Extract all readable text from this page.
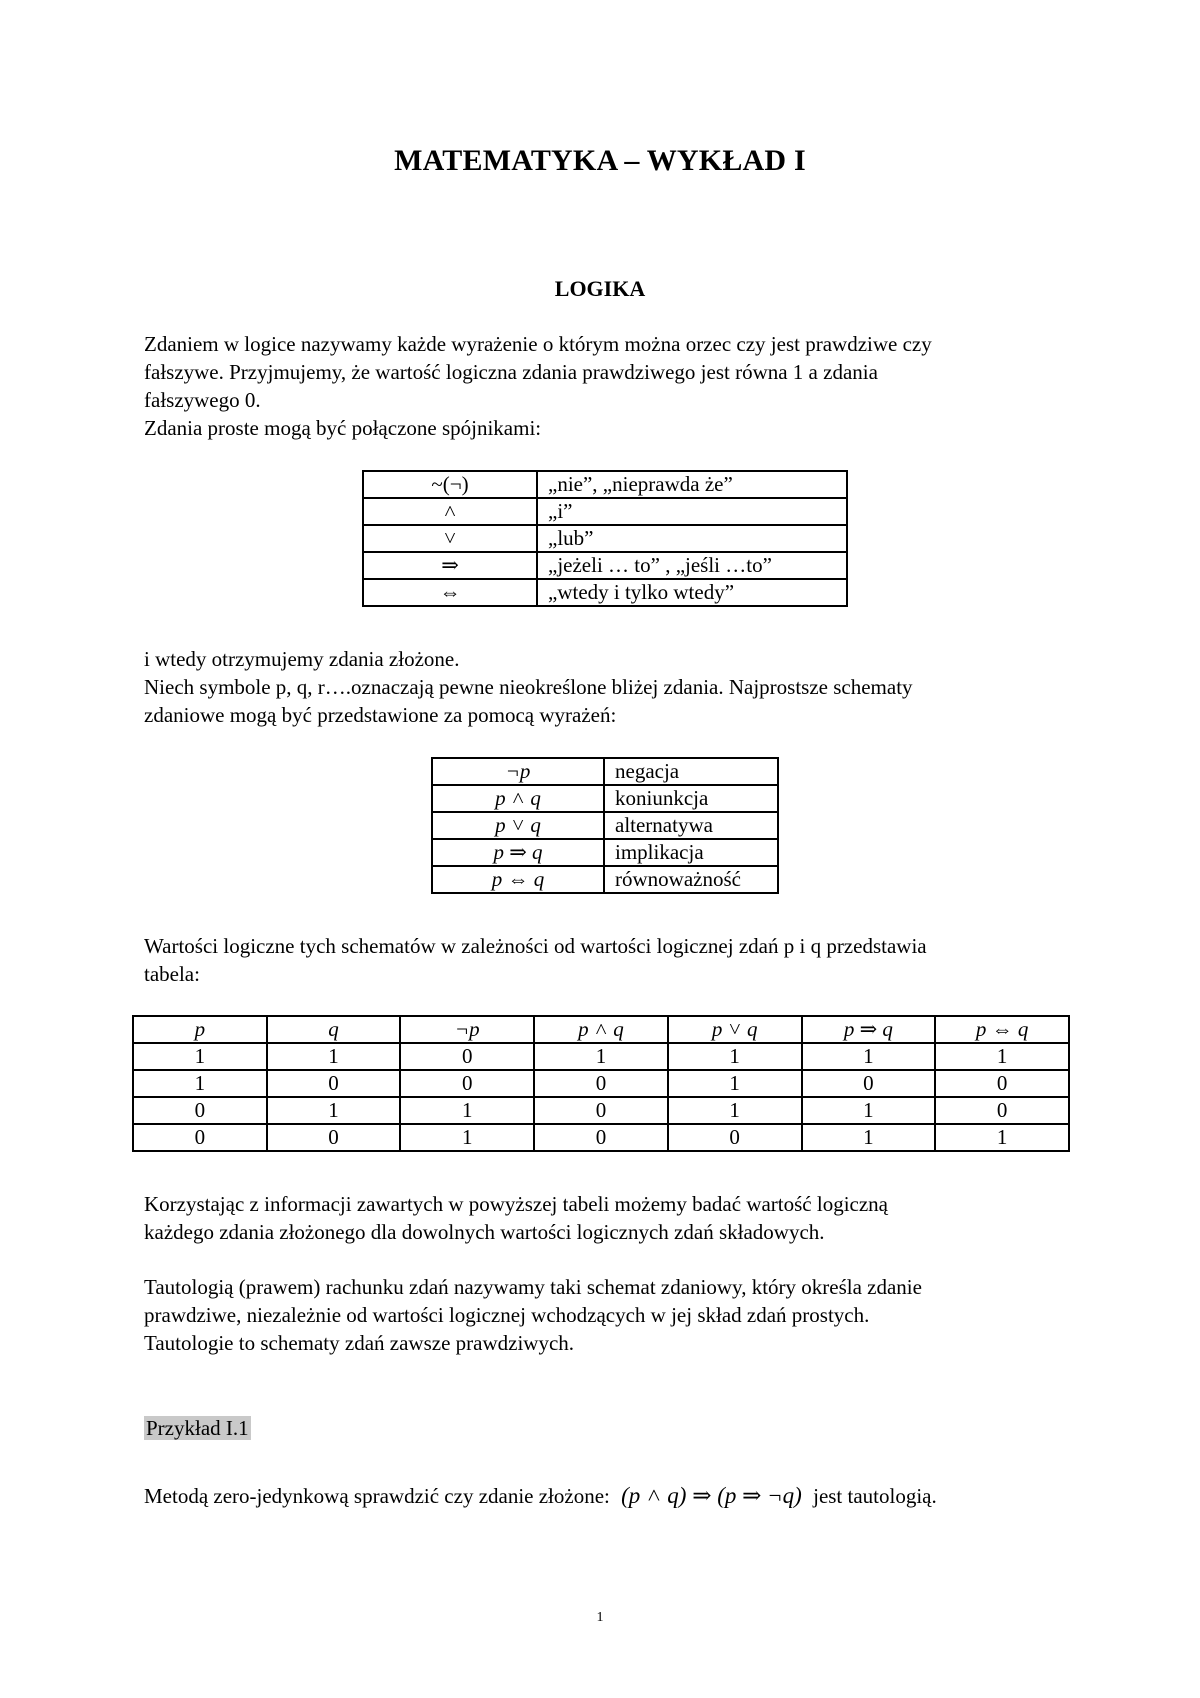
MATEMATYKA – WYKŁAD I
LOGIKA
Zdaniem w logice nazywamy każde wyrażenie o którym można orzec czy jest prawdziwe czy
fałszywe. Przyjmujemy, że wartość logiczna zdania prawdziwego jest równa 1 a zdania
fałszywego 0.
Zdania proste mogą być połączone spójnikami:
~(¬)	„nie”, „nieprawda że”
˄	„i”
˅	„lub”
⇒	„jeżeli … to” , „jeśli …to”
⇔	„wtedy i tylko wtedy”
i wtedy otrzymujemy zdania złożone.
Niech symbole p, q, r….oznaczają pewne nieokreślone bliżej zdania. Najprostsze schematy
zdaniowe mogą być przedstawione za pomocą wyrażeń:
¬p	negacja
p ˄ q	koniunkcja
p ˅ q	alternatywa
p ⇒ q	implikacja
p ⇔ q	równoważność
Wartości logiczne tych schematów w zależności od wartości logicznej zdań p i q przedstawia
tabela:
p	q	¬p	p ˄ q	p ˅ q	p ⇒ q	p ⇔ q
1	1	0	1	1	1	1
1	0	0	0	1	0	0
0	1	1	0	1	1	0
0	0	1	0	0	1	1
Korzystając z informacji zawartych w powyższej tabeli możemy badać wartość logiczną
każdego zdania złożonego dla dowolnych wartości logicznych zdań składowych.
Tautologią (prawem) rachunku zdań nazywamy taki schemat zdaniowy, który określa zdanie
prawdziwe, niezależnie od wartości logicznej wchodzących w jej skład zdań prostych.
Tautologie to schematy zdań zawsze prawdziwych.
Przykład I.1
Metodą zero-jedynkową sprawdzić czy zdanie złożone: (p ˄ q) ⇒ (p ⇒ ¬q) jest tautologią.
1
